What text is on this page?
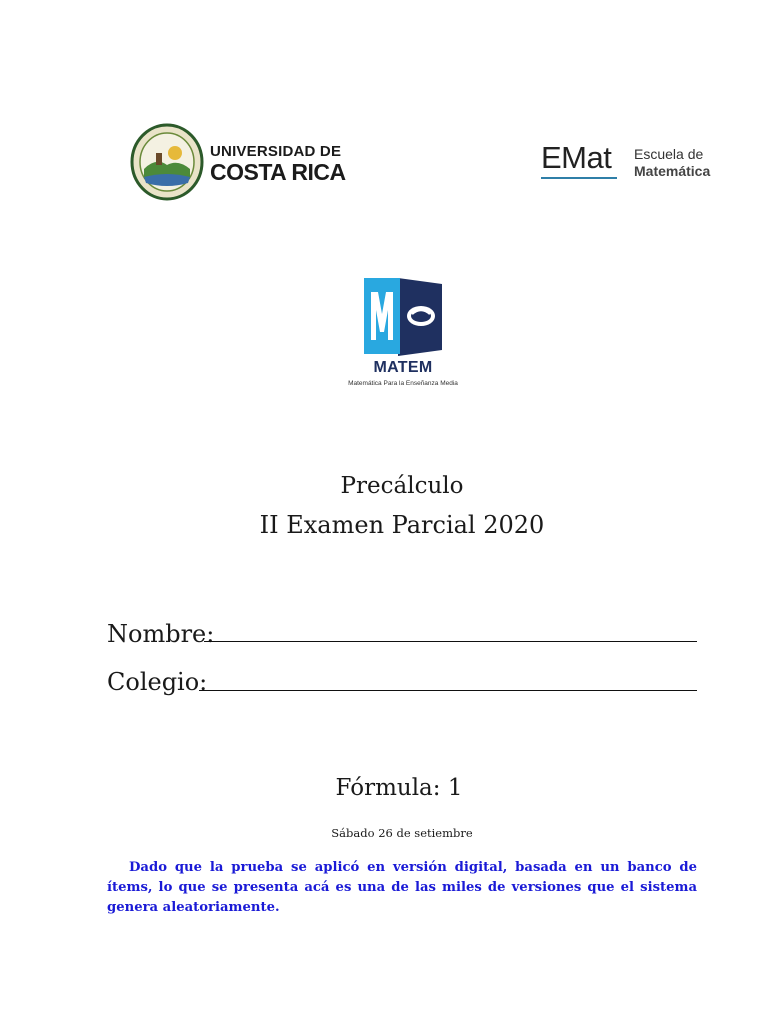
UNIVERSIDAD DE
COSTA RICA	EMat Escuela de
Matemática
MATEM
Matemática Para la Enseñanza Media
Precálculo
II Examen Parcial 2020
Nombre:
Colegio:
Fórmula: 1
Sábado 26 de setiembre
Dado que la prueba se aplicó en versión digital, basada en un banco de ítems, lo que se presenta acá es una de las miles de versiones que el sistema genera aleatoriamente.
